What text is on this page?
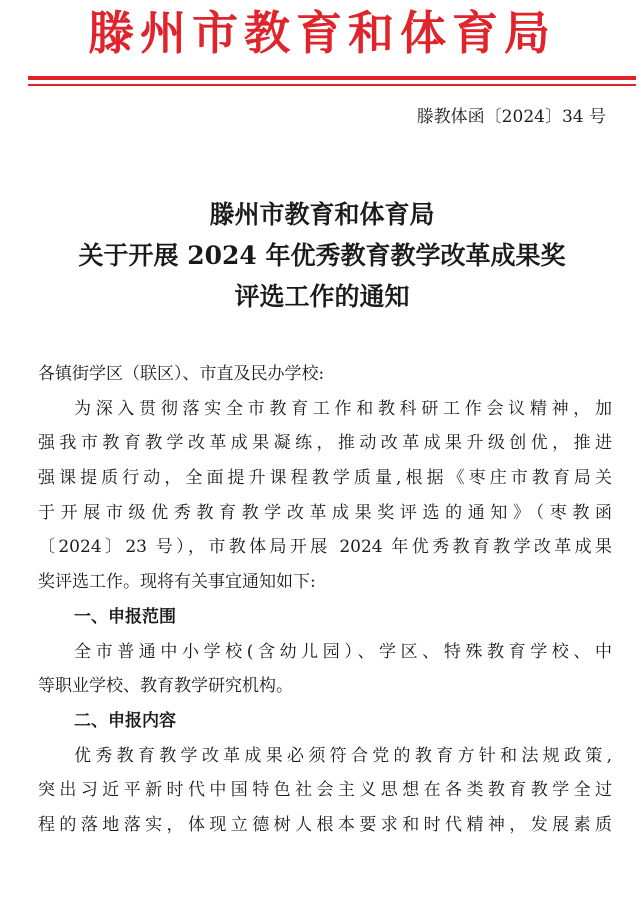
滕州市教育和体育局
滕教体函〔2024〕34 号
滕州市教育和体育局
关于开展 2024 年优秀教育教学改革成果奖
评选工作的通知
各镇街学区（联区）、市直及民办学校:
为深入贯彻落实全市教育工作和教科研工作会议精神，加
强我市教育教学改革成果凝练，推动改革成果升级创优，推进
强课提质行动，全面提升课程教学质量,根据《枣庄市教育局关
于开展市级优秀教育教学改革成果奖评选的通知》（枣教函
〔2024〕23 号），市教体局开展 2024 年优秀教育教学改革成果
奖评选工作。现将有关事宜通知如下:
一、申报范围
全市普通中小学校(含幼儿园）、学区、特殊教育学校、中
等职业学校、教育教学研究机构。
二、申报内容
优秀教育教学改革成果必须符合党的教育方针和法规政策,
突出习近平新时代中国特色社会主义思想在各类教育教学全过
程的落地落实，体现立德树人根本要求和时代精神，发展素质
